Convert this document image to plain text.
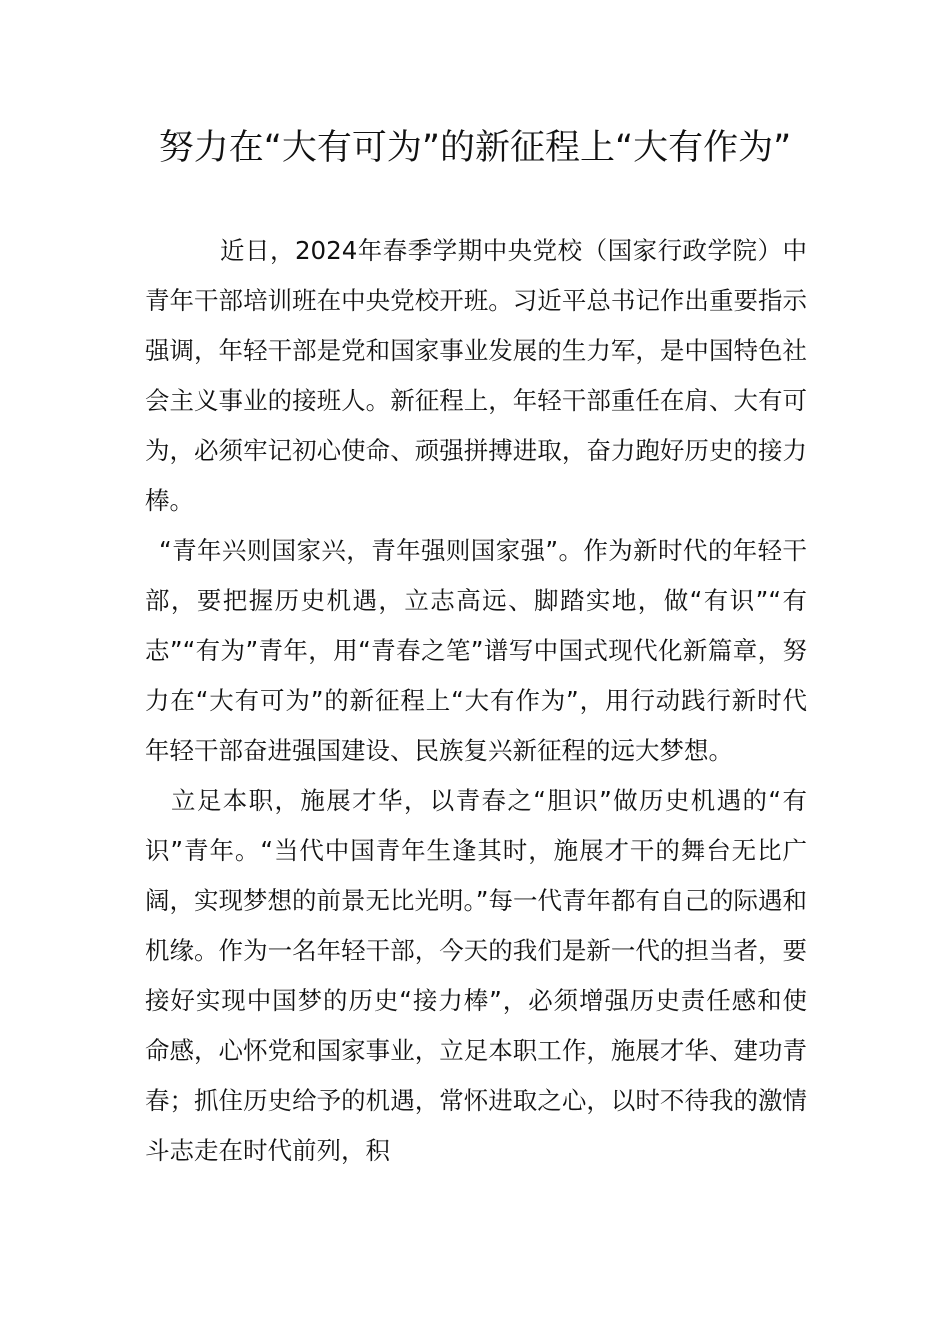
努力在“大有可为”的新征程上“大有作为”

近日，2024年春季学期中央党校（国家行政学院）中青年干部培训班在中央党校开班。习近平总书记作出重要指示强调，年轻干部是党和国家事业发展的生力军，是中国特色社会主义事业的接班人。新征程上，年轻干部重任在肩、大有可为，必须牢记初心使命、顽强拼搏进取，奋力跑好历史的接力棒。

“青年兴则国家兴，青年强则国家强”。作为新时代的年轻干部，要把握历史机遇，立志高远、脚踏实地，做“有识”“有志”“有为”青年，用“青春之笔”谱写中国式现代化新篇章，努力在“大有可为”的新征程上“大有作为”，用行动践行新时代年轻干部奋进强国建设、民族复兴新征程的远大梦想。

立足本职，施展才华，以青春之“胆识”做历史机遇的“有识”青年。“当代中国青年生逢其时，施展才干的舞台无比广阔，实现梦想的前景无比光明。”每一代青年都有自己的际遇和机缘。作为一名年轻干部，今天的我们是新一代的担当者，要接好实现中国梦的历史“接力棒”，必须增强历史责任感和使命感，心怀党和国家事业，立足本职工作，施展才华、建功青春；抓住历史给予的机遇，常怀进取之心，以时不待我的激情斗志走在时代前列，积
